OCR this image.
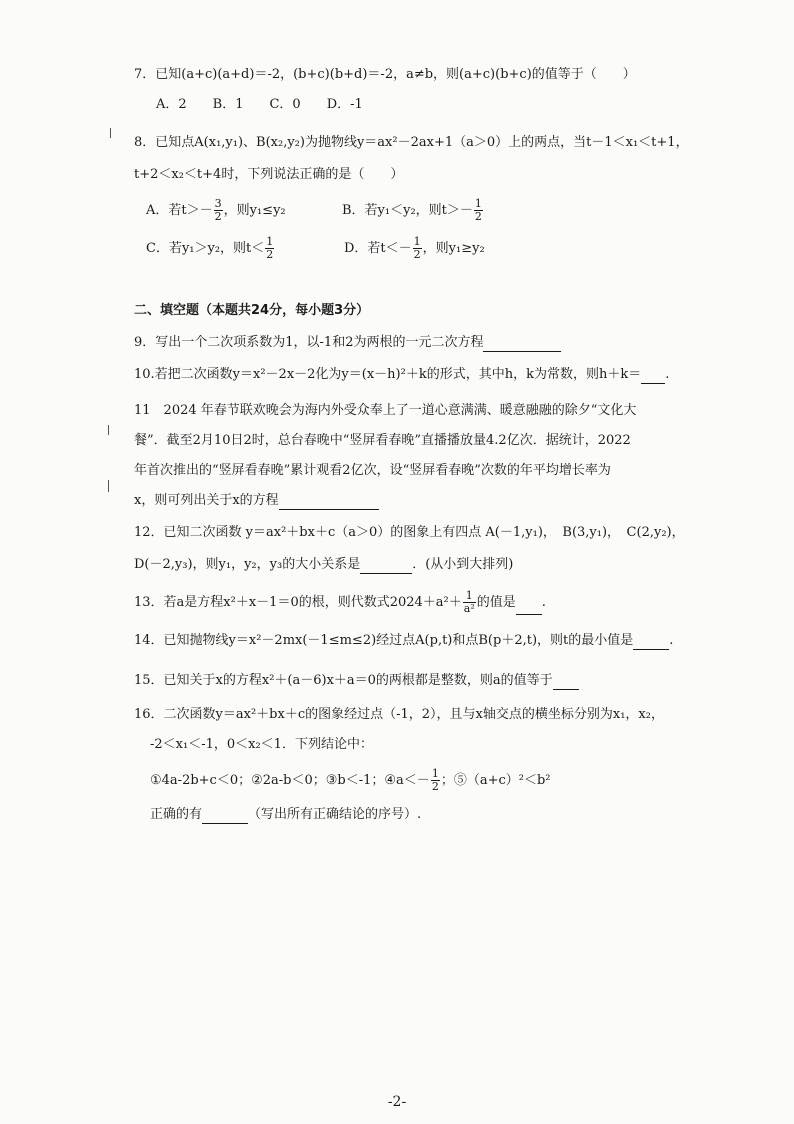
7．已知(a+c)(a+d)＝-2，(b+c)(b+d)＝-2，a≠b，则(a+c)(b+c)的值等于（　　）
A．2　　B．1　　C．0　　D．-1
8．已知点A(x₁,y₁)、B(x₂,y₂)为抛物线y＝ax²－2ax+1（a＞0）上的两点，当t－1＜x₁＜t+1，
t+2＜x₂＜t+4时，下列说法正确的是（　　）
A．若$t>- \frac{3}{2}$ ，则y₁≤y₂	B．若y₁＜y₂，则$t>- \frac{1}{2}$
C．若y₁＞y₂，则$t< \frac{1}{2}$	D．若$t<- \frac{1}{2}$ ，则y₁≥y₂
二、填空题（本题共24分，每小题3分）
9．写出一个二次项系数为1，以-1和2为两根的一元二次方程
10.若把二次函数y＝x²－2x－2化为y＝(x－h)²＋k的形式，其中h，k为常数，则h＋k＝ .
11　2024 年春节联欢晚会为海内外受众奉上了一道心意满满、暖意融融的除夕“文化大
餐”．截至2月10日2时，总台春晚中“竖屏看春晚”直播播放量4.2亿次．据统计，2022
年首次推出的“竖屏看春晚”累计观看2亿次，设“竖屏看春晚”次数的年平均增长率为
x，则可列出关于x的方程
12．已知二次函数 y＝ax²＋bx＋c（a＞0）的图象上有四点 A(－1,y₁)，　B(3,y₁)，　C(2,y₂)，
D(－2,y₃)，则y₁，y₂，y₃的大小关系是	．(从小到大排列)
13．若a是方程x²＋x－1＝0的根，则代数式$2024+a^2+ \frac{1}{\text{a²}}$ 的值是 .
14．已知抛物线y＝x²－2mx(－1≤m≤2)经过点A(p,t)和点B(p＋2,t)，则t的最小值是	.
15．已知关于x的方程x²＋(a－6)x＋a＝0的两根都是整数，则a的值等于
16．二次函数y＝ax²＋bx＋c的图象经过点（-1，2），且与x轴交点的横坐标分别为x₁，x₂，
-2＜x₁＜-1，0＜x₂＜1．下列结论中：
①4a-2b+c＜0；②2a-b＜0；③b＜-1；④a＜－ $\frac{1}{2}$ ；⑤（a+c）²＜b²
正确的有	（写出所有正确结论的序号）.
-2-
